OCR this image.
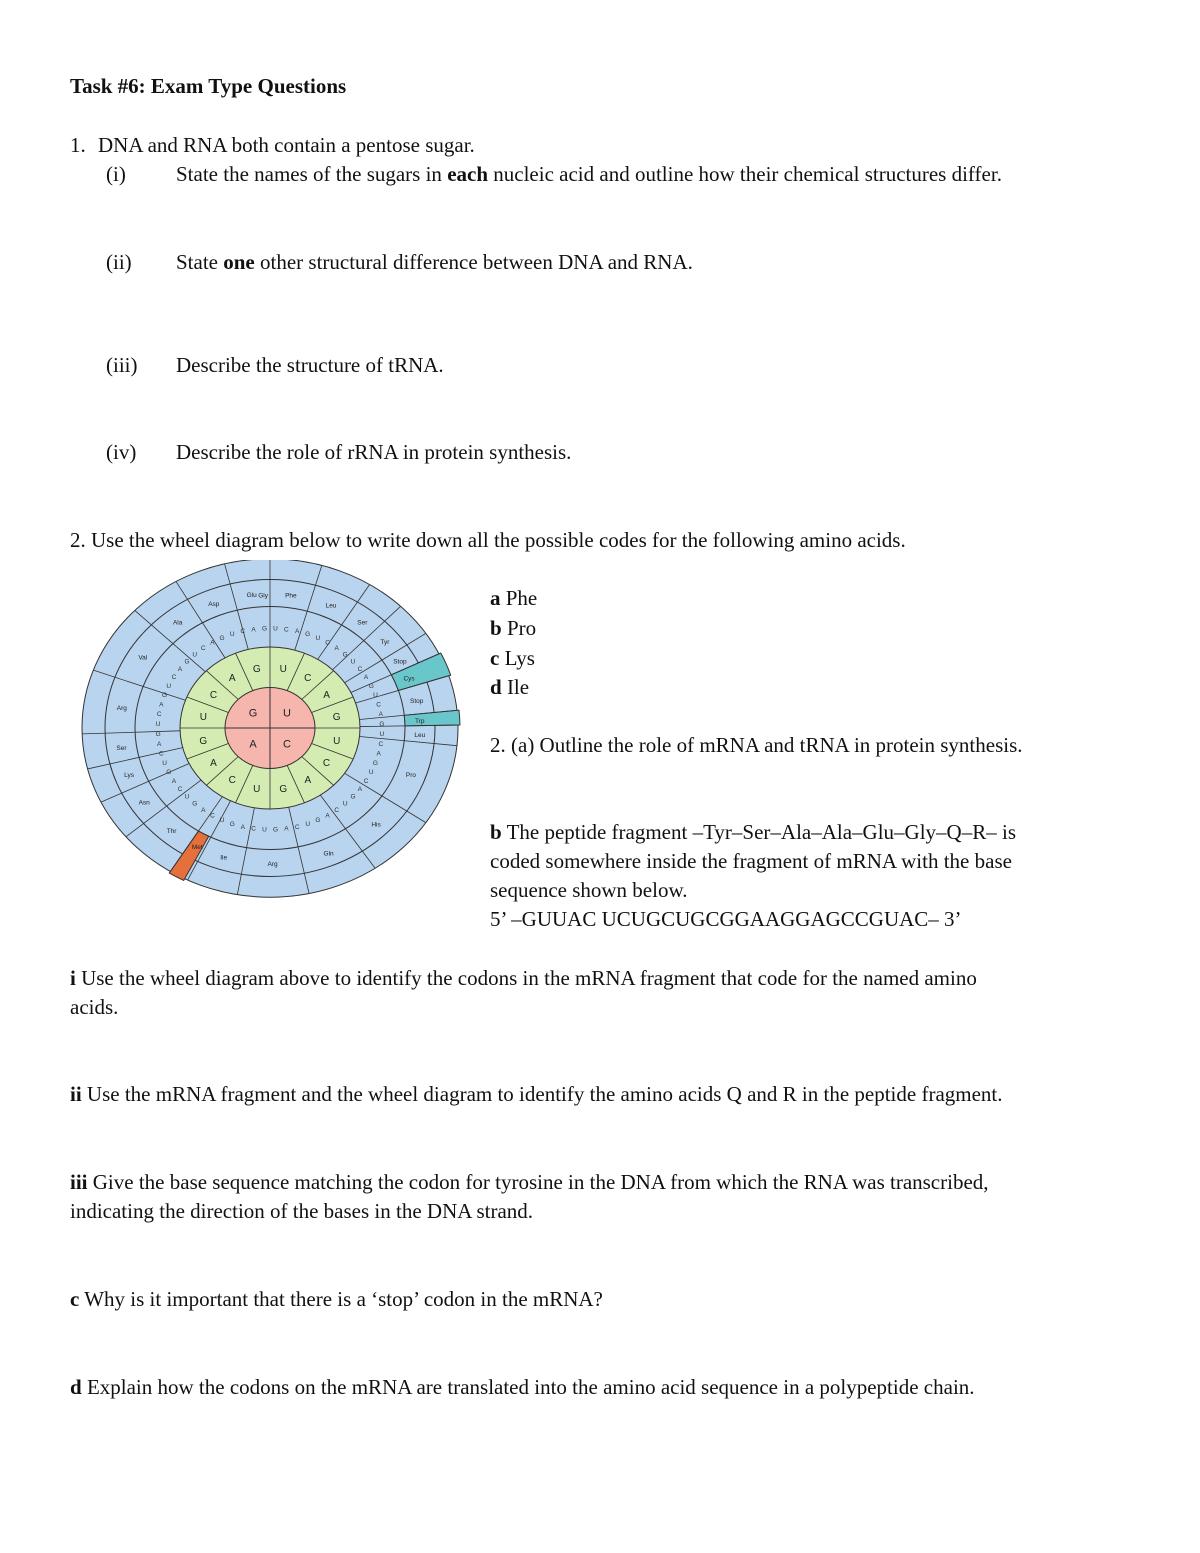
Task #6: Exam Type Questions
1. DNA and RNA both contain a pentose sugar.
(i) State the names of the sugars in each nucleic acid and outline how their chemical structures differ.
(ii) State one other structural difference between DNA and RNA.
(iii) Describe the structure of tRNA.
(iv) Describe the role of rRNA in protein synthesis.
2. Use the wheel diagram below to write down all the possible codes for the following amino acids.
U
C
A
G
U
C
A
G
U
C
A
G
U
C
A
G
U
C
A
G
U C A G
U
C
A
G
U
C
A
G
U
C
A
G
U
C
A
G
U
C
A
G
U
C
A
G
U
C
A
G
U
C
A
G
U
C
A
G
U
C
A
G
U
C
A
G
U
C
A
G
U
C
A
G
U
C
A
G
U C A G
Phe
Leu
Ser
Tyr
Stop
Cys
Stop
Trp
Leu
Pro
His
Gln
Arg
Ile
Met
Thr
Asn
Lys
Ser
Arg
Val
Ala
Asp
Glu Gly	a Phe
b Pro
c Lys
d Ile
2. (a) Outline the role of mRNA and tRNA in protein synthesis.
b The peptide fragment –Tyr–Ser–Ala–Ala–Glu–Gly–Q–R– is
coded somewhere inside the fragment of mRNA with the base
sequence shown below.
5’ –GUUAC UCUGCUGCGGAAGGAGCCGUAC– 3’
i Use the wheel diagram above to identify the codons in the mRNA fragment that code for the named amino
acids.
ii Use the mRNA fragment and the wheel diagram to identify the amino acids Q and R in the peptide fragment.
iii Give the base sequence matching the codon for tyrosine in the DNA from which the RNA was transcribed,
indicating the direction of the bases in the DNA strand.
c Why is it important that there is a ‘stop’ codon in the mRNA?
d Explain how the codons on the mRNA are translated into the amino acid sequence in a polypeptide chain.
